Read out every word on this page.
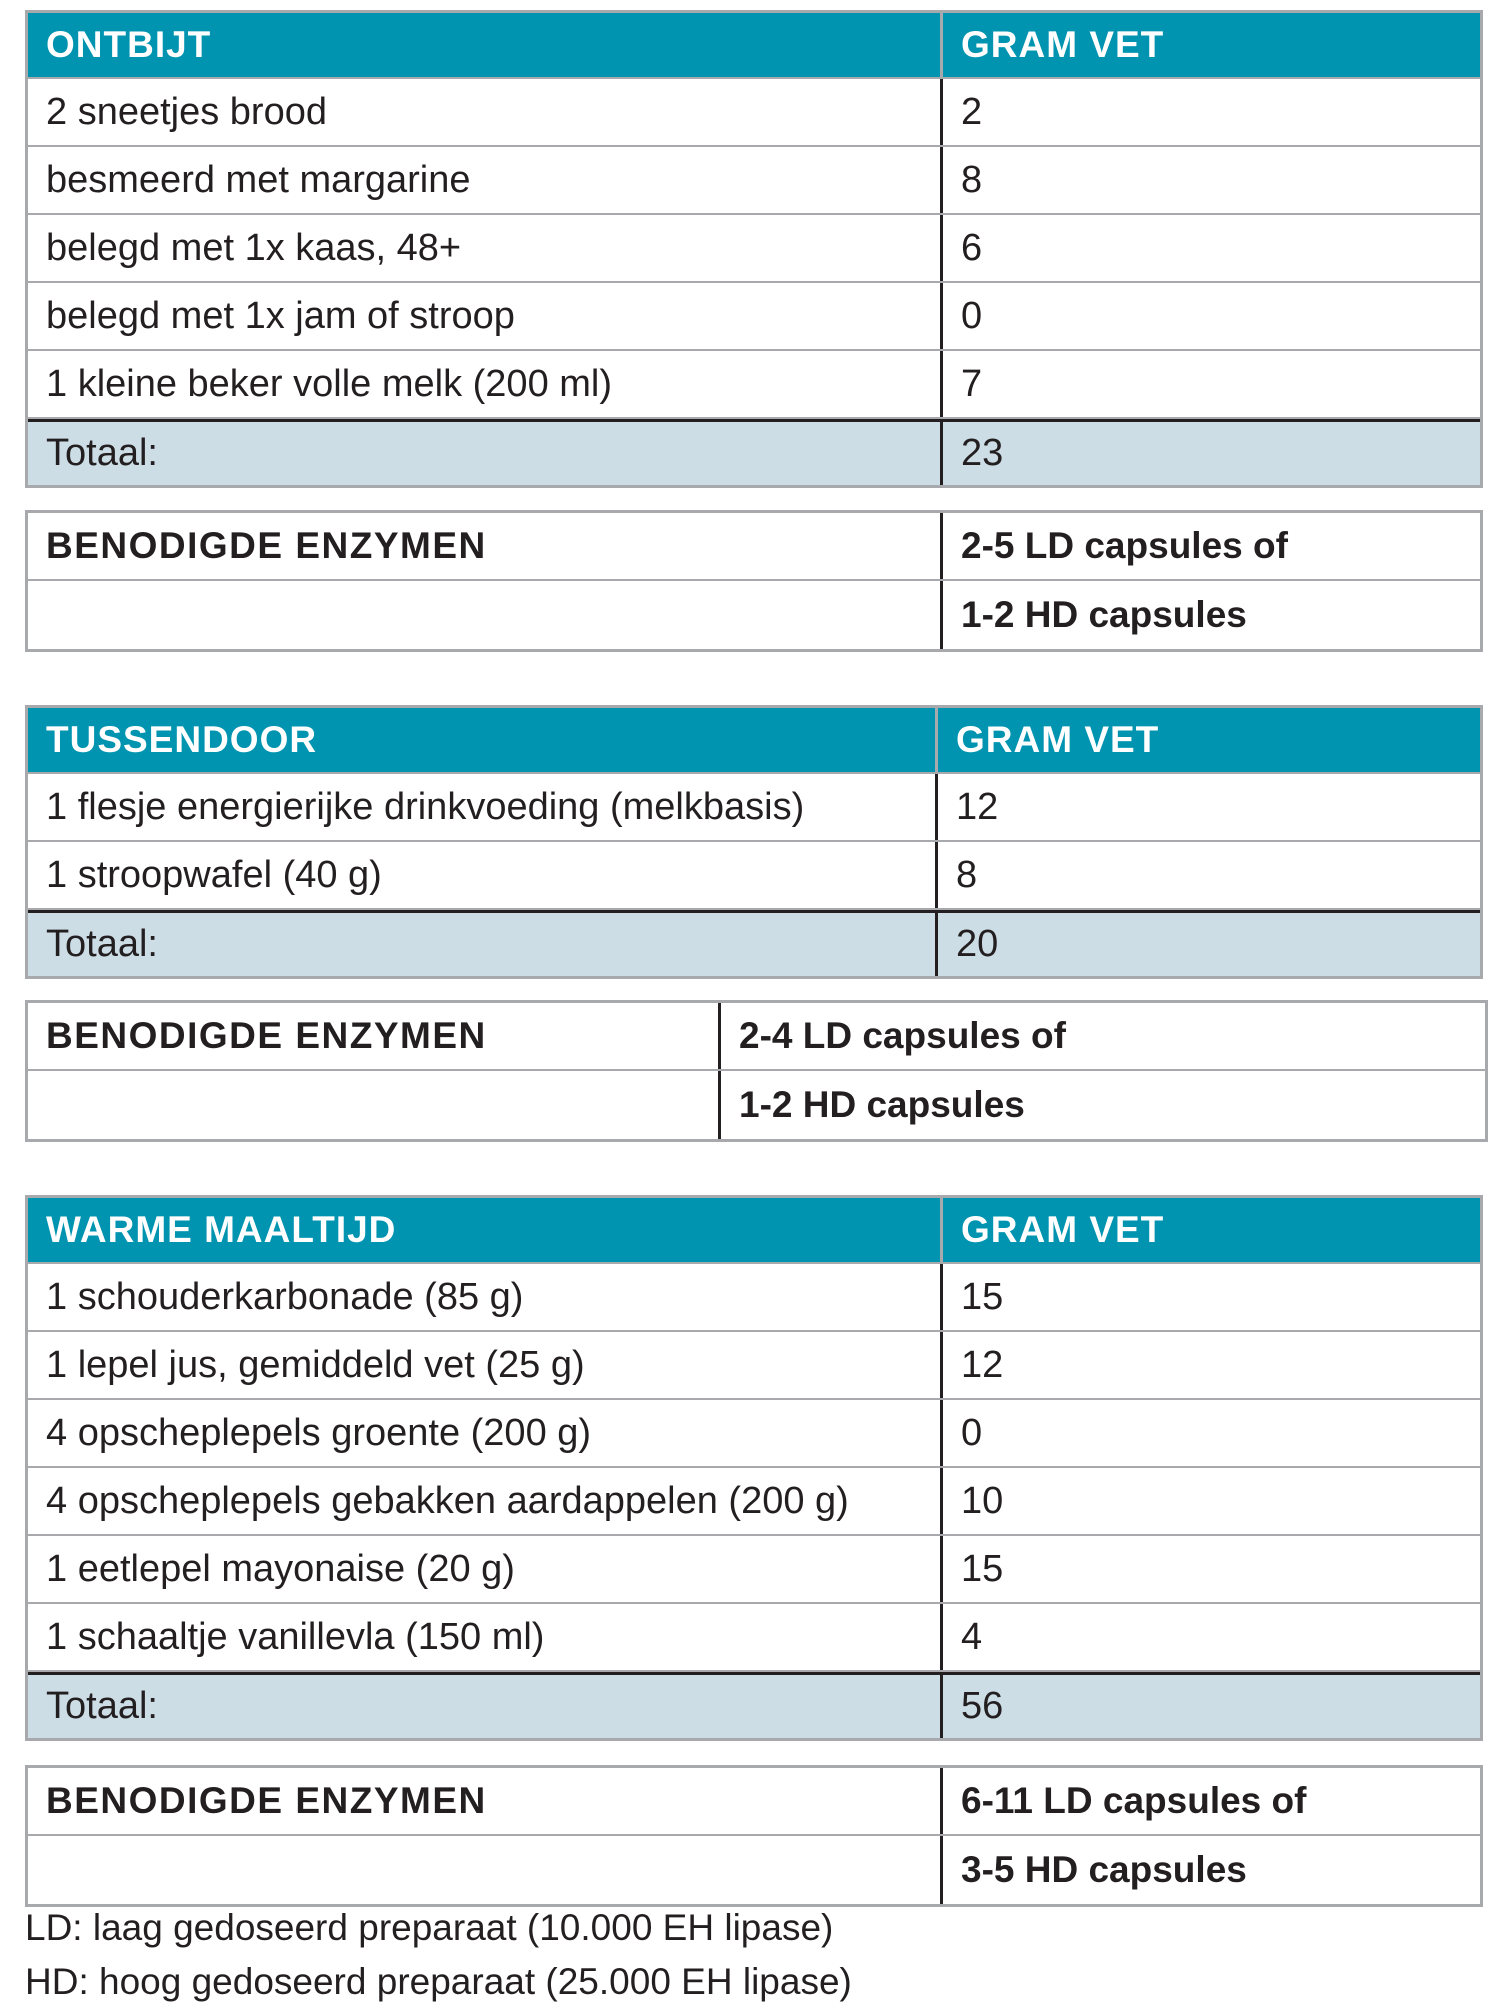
ONTBIJT	GRAM VET
2 sneetjes brood	2
besmeerd met margarine	8
belegd met 1x kaas, 48+	6
belegd met 1x jam of stroop	0
1 kleine beker volle melk (200 ml)	7
Totaal:	23
BENODIGDE ENZYMEN	2-5 LD capsules of
1-2 HD capsules
TUSSENDOOR	GRAM VET
1 flesje energierijke drinkvoeding (melkbasis)	12
1 stroopwafel (40 g)	8
Totaal:	20
BENODIGDE ENZYMEN	2-4 LD capsules of
1-2 HD capsules
WARME MAALTIJD	GRAM VET
1 schouderkarbonade (85 g)	15
1 lepel jus, gemiddeld vet (25 g)	12
4 opscheplepels groente (200 g)	0
4 opscheplepels gebakken aardappelen (200 g)	10
1 eetlepel mayonaise (20 g)	15
1 schaaltje vanillevla (150 ml)	4
Totaal:	56
BENODIGDE ENZYMEN	6-11 LD capsules of
3-5 HD capsules
LD: laag gedoseerd preparaat (10.000 EH lipase)
HD: hoog gedoseerd preparaat (25.000 EH lipase)
